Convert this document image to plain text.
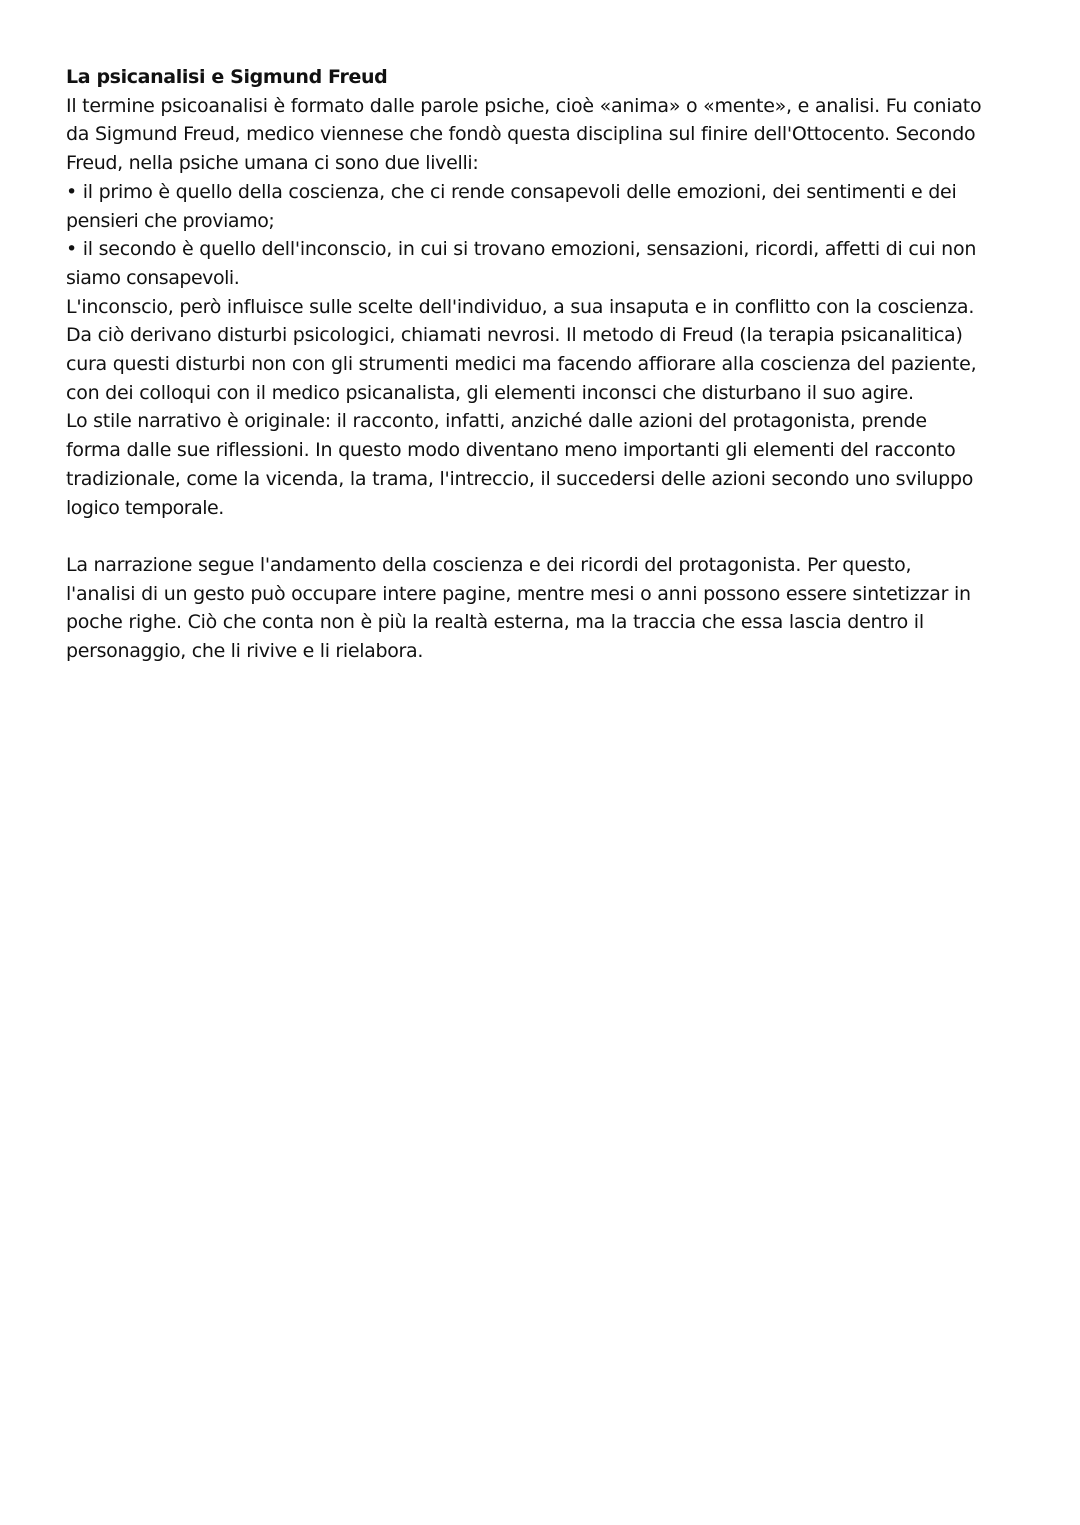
La psicanalisi e Sigmund Freud

Il termine psicoanalisi è formato dalle parole psiche, cioè «anima» o «mente», e analisi. Fu coniato

da Sigmund Freud, medico viennese che fondò questa disciplina sul finire dell'Ottocento. Secondo

Freud, nella psiche umana ci sono due livelli:

• il primo è quello della coscienza, che ci rende consapevoli delle emozioni, dei sentimenti e dei

pensieri che proviamo;

• il secondo è quello dell'inconscio, in cui si trovano emozioni, sensazioni, ricordi, affetti di cui non

siamo consapevoli.

L'inconscio, però influisce sulle scelte dell'individuo, a sua insaputa e in conflitto con la coscienza.

Da ciò derivano disturbi psicologici, chiamati nevrosi. Il metodo di Freud (la terapia psicanalitica)

cura questi disturbi non con gli strumenti medici ma facendo affiorare alla coscienza del paziente,

con dei colloqui con il medico psicanalista, gli elementi inconsci che disturbano il suo agire.

Lo stile narrativo è originale: il racconto, infatti, anziché dalle azioni del protagonista, prende

forma dalle sue riflessioni. In questo modo diventano meno importanti gli elementi del racconto

tradizionale, come la vicenda, la trama, l'intreccio, il succedersi delle azioni secondo uno sviluppo

logico temporale.

La narrazione segue l'andamento della coscienza e dei ricordi del protagonista. Per questo,

l'analisi di un gesto può occupare intere pagine, mentre mesi o anni possono essere sintetizzar in

poche righe. Ciò che conta non è più la realtà esterna, ma la traccia che essa lascia dentro il

personaggio, che li rivive e li rielabora.
